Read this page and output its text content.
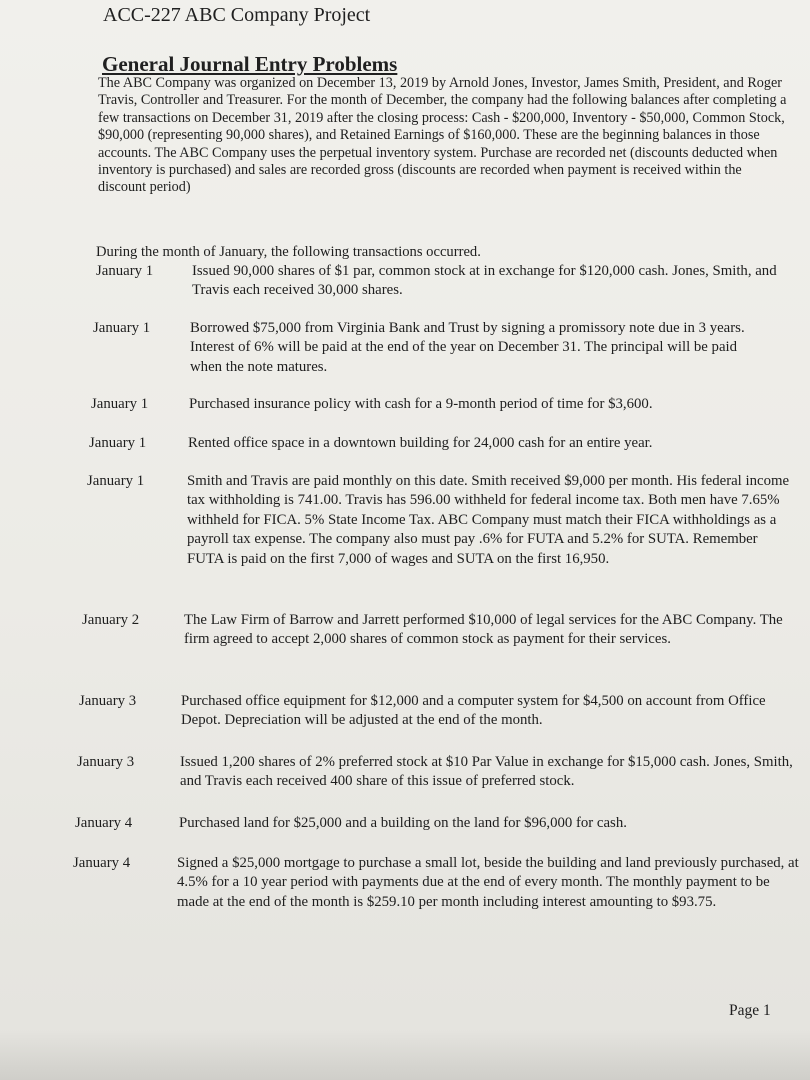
ACC-227 ABC Company Project
General Journal Entry Problems

The ABC Company was organized on December 13, 2019 by Arnold Jones, Investor, James Smith, President, and Roger Travis, Controller and Treasurer. For the month of December, the company had the following balances after completing a few transactions on December 31, 2019 after the closing process: Cash - $200,000, Inventory - $50,000, Common Stock, $90,000 (representing 90,000 shares), and Retained Earnings of $160,000. These are the beginning balances in those accounts. The ABC Company uses the perpetual inventory system. Purchase are recorded net (discounts deducted when inventory is purchased) and sales are recorded gross (discounts are recorded when payment is received within the discount period)

During the month of January, the following transactions occurred.

January 1	Issued 90,000 shares of $1 par, common stock at in exchange for $120,000 cash. Jones, Smith, and Travis each received 30,000 shares.

January 1	Borrowed $75,000 from Virginia Bank and Trust by signing a promissory note due in 3 years. Interest of 6% will be paid at the end of the year on December 31. The principal will be paid when the note matures.

January 1	Purchased insurance policy with cash for a 9-month period of time for $3,600.

January 1	Rented office space in a downtown building for 24,000 cash for an entire year.

January 1	Smith and Travis are paid monthly on this date. Smith received $9,000 per month. His federal income tax withholding is 741.00. Travis has 596.00 withheld for federal income tax. Both men have 7.65% withheld for FICA. 5% State Income Tax. ABC Company must match their FICA withholdings as a payroll tax expense. The company also must pay .6% for FUTA and 5.2% for SUTA. Remember FUTA is paid on the first 7,000 of wages and SUTA on the first 16,950.

January 2	The Law Firm of Barrow and Jarrett performed $10,000 of legal services for the ABC Company. The firm agreed to accept 2,000 shares of common stock as payment for their services.

January 3	Purchased office equipment for $12,000 and a computer system for $4,500 on account from Office Depot. Depreciation will be adjusted at the end of the month.

January 3	Issued 1,200 shares of 2% preferred stock at $10 Par Value in exchange for $15,000 cash. Jones, Smith, and Travis each received 400 share of this issue of preferred stock.

January 4	Purchased land for $25,000 and a building on the land for $96,000 for cash.

January 4	Signed a $25,000 mortgage to purchase a small lot, beside the building and land previously purchased, at 4.5% for a 10 year period with payments due at the end of every month. The monthly payment to be made at the end of the month is $259.10 per month including interest amounting to $93.75.

Page 1
